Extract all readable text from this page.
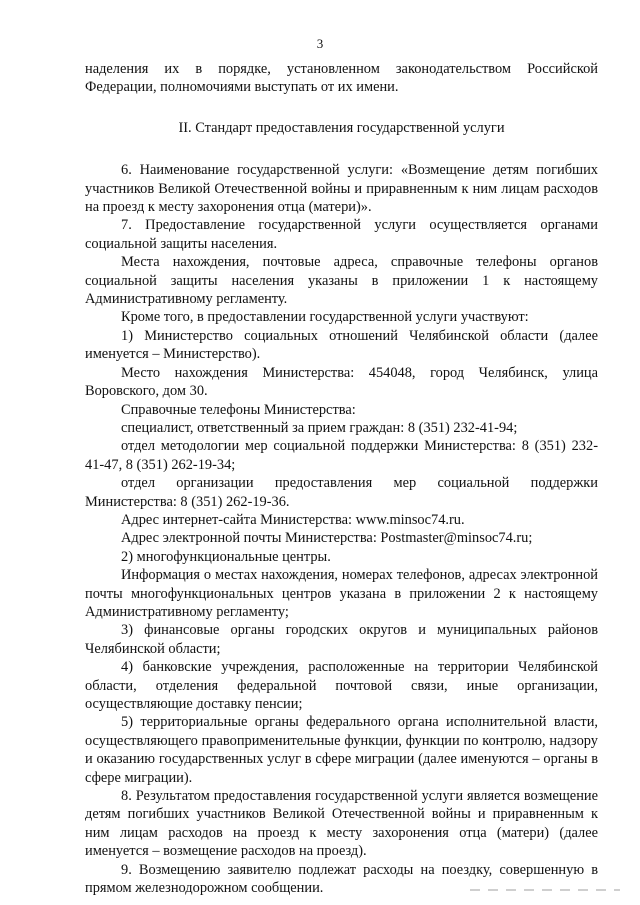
3

наделения их в порядке, установленном законодательством Российской Федерации, полномочиями выступать от их имени.

II. Стандарт предоставления государственной услуги

6. Наименование государственной услуги: «Возмещение детям погибших участников Великой Отечественной войны и приравненным к ним лицам расходов на проезд к месту захоронения отца (матери)».

7. Предоставление государственной услуги осуществляется органами социальной защиты населения.

Места нахождения, почтовые адреса, справочные телефоны органов социальной защиты населения указаны в приложении 1 к настоящему Административному регламенту.

Кроме того, в предоставлении государственной услуги участвуют:

1) Министерство социальных отношений Челябинской области (далее именуется – Министерство).

Место нахождения Министерства: 454048, город Челябинск, улица Воровского, дом 30.

Справочные телефоны Министерства:

специалист, ответственный за прием граждан: 8 (351) 232-41-94;

отдел методологии мер социальной поддержки Министерства: 8 (351) 232-41-47, 8 (351) 262-19-34;

отдел организации предоставления мер социальной поддержки Министерства: 8 (351) 262-19-36.

Адрес интернет-сайта Министерства: www.minsoc74.ru.

Адрес электронной почты Министерства: Postmaster@minsoc74.ru;

2) многофункциональные центры.

Информация о местах нахождения, номерах телефонов, адресах электронной почты многофункциональных центров указана в приложении 2 к настоящему Административному регламенту;

3) финансовые органы городских округов и муниципальных районов Челябинской области;

4) банковские учреждения, расположенные на территории Челябинской области, отделения федеральной почтовой связи, иные организации, осуществляющие доставку пенсии;

5) территориальные органы федерального органа исполнительной власти, осуществляющего правоприменительные функции, функции по контролю, надзору и оказанию государственных услуг в сфере миграции (далее именуются – органы в сфере миграции).

8. Результатом предоставления государственной услуги является возмещение детям погибших участников Великой Отечественной войны и приравненным к ним лицам расходов на проезд к месту захоронения отца (матери) (далее именуется – возмещение расходов на проезд).

9. Возмещению заявителю подлежат расходы на поездку, совершенную в прямом железнодорожном сообщении.
